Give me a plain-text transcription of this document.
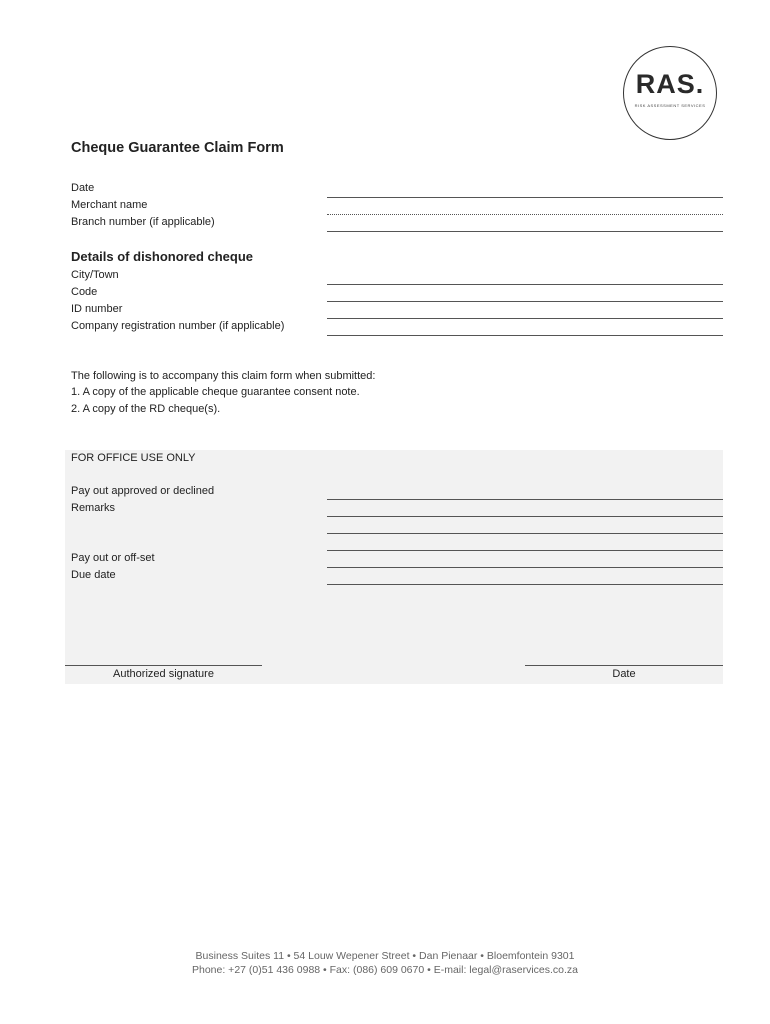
RAS.
RISK ASSESSMENT SERVICES
Cheque Guarantee Claim Form
Date
Merchant name
Branch number (if applicable)
Details of dishonored cheque
City/Town
Code
ID number
Company registration number (if applicable)
The following is to accompany this claim form when submitted:
1. A copy of the applicable cheque guarantee consent note.
2. A copy of the RD cheque(s).
FOR OFFICE USE ONLY
Pay out approved or declined
Remarks
Pay out or off-set
Due date
Authorized signature	Date
Business Suites 11 • 54 Louw Wepener Street • Dan Pienaar • Bloemfontein 9301
Phone: +27 (0)51 436 0988 • Fax: (086) 609 0670 • E-mail: legal@raservices.co.za
